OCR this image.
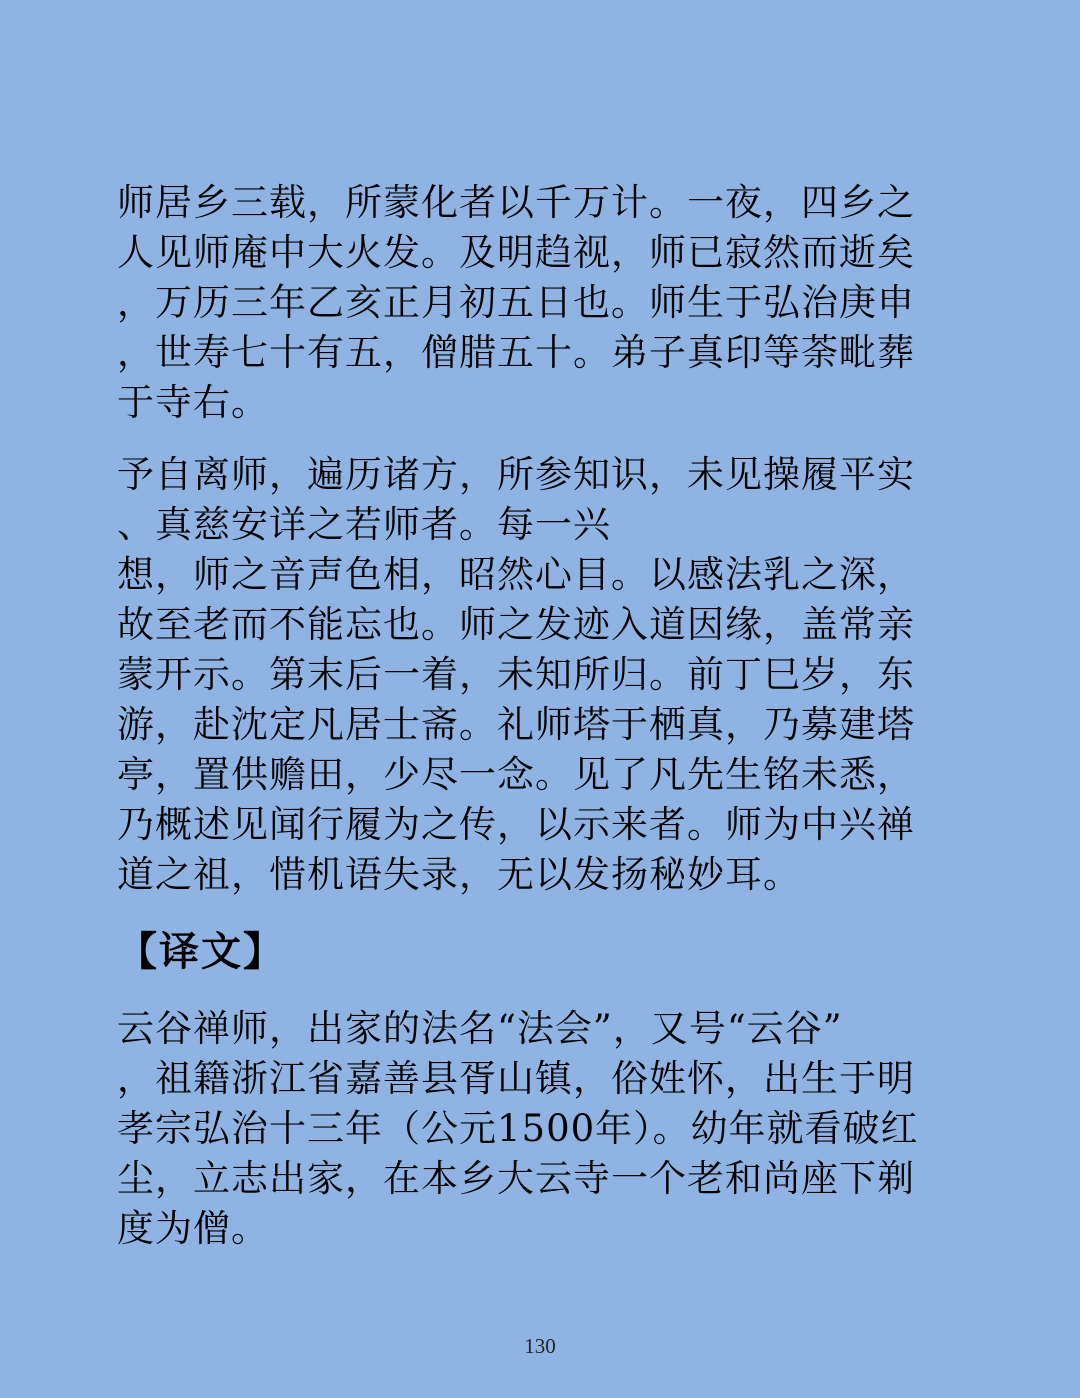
师居乡三载，所蒙化者以千万计。一夜，四乡之
人见师庵中大火发。及明趋视，师已寂然而逝矣
，万历三年乙亥正月初五日也。师生于弘治庚申
，世寿七十有五，僧腊五十。弟子真印等荼毗葬
于寺右。

予自离师，遍历诸方，所参知识，未见操履平实
、真慈安详之若师者。每一兴
想，师之音声色相，昭然心目。以感法乳之深，
故至老而不能忘也。师之发迹入道因缘，盖常亲
蒙开示。第末后一着，未知所归。前丁巳岁，东
游，赴沈定凡居士斋。礼师塔于栖真，乃募建塔
亭，置供赡田，少尽一念。见了凡先生铭未悉，
乃概述见闻行履为之传，以示来者。师为中兴禅
道之祖，惜机语失录，无以发扬秘妙耳。

【译文】

云谷禅师，出家的法名“法会”，又号“云谷”
，祖籍浙江省嘉善县胥山镇，俗姓怀，出生于明
孝宗弘治十三年（公元1500年）。幼年就看破红
尘，立志出家，在本乡大云寺一个老和尚座下剃
度为僧。

130
